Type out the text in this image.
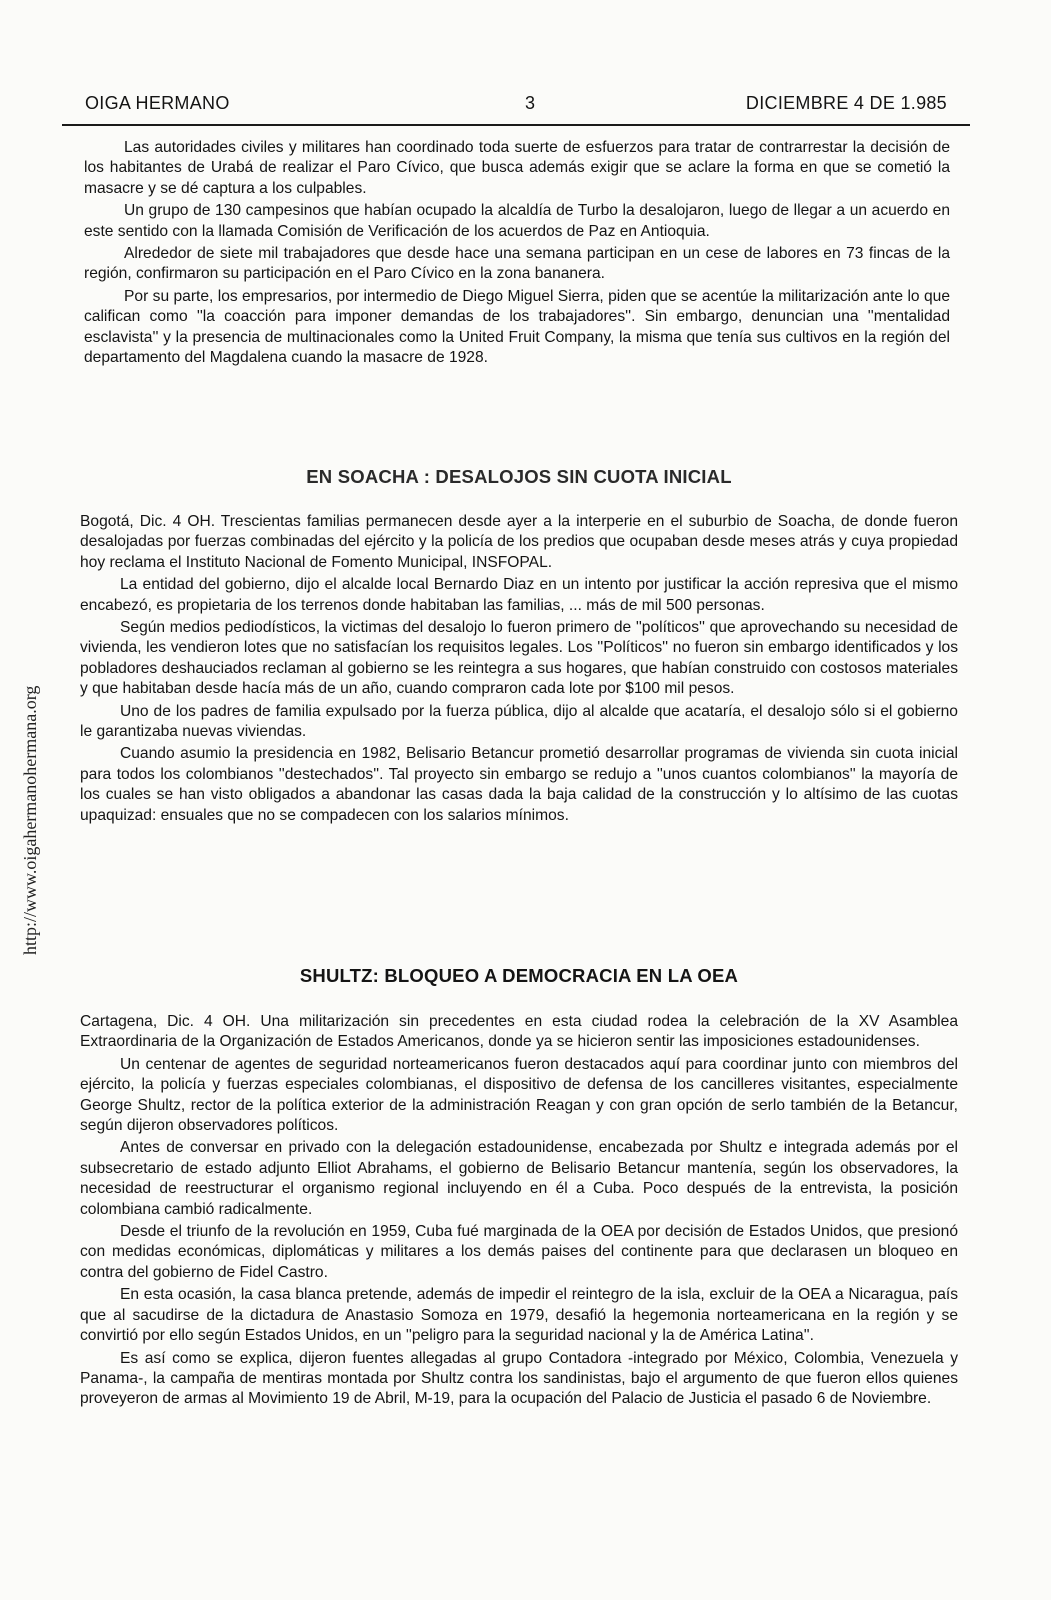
OIGA HERMANO	3	DICIEMBRE 4 DE 1.985
http://www.oigahermanohermana.org

Las autoridades civiles y militares han coordinado toda suerte de esfuerzos para tratar de contrarrestar la decisión de los habitantes de Urabá de realizar el Paro Cívico, que busca además exigir que se aclare la forma en que se cometió la masacre y se dé captura a los culpables.

Un grupo de 130 campesinos que habían ocupado la alcaldía de Turbo la desalojaron, luego de llegar a un acuerdo en este sentido con la llamada Comisión de Verificación de los acuerdos de Paz en Antioquia.

Alrededor de siete mil trabajadores que desde hace una semana participan en un cese de labores en 73 fincas de la región, confirmaron su participación en el Paro Cívico en la zona bananera.

Por su parte, los empresarios, por intermedio de Diego Miguel Sierra, piden que se acentúe la militarización ante lo que califican como ''la coacción para imponer demandas de los trabajadores''. Sin embargo, denuncian una ''mentalidad esclavista'' y la presencia de multinacionales como la United Fruit Company, la misma que tenía sus cultivos en la región del departamento del Magdalena cuando la masacre de 1928.

EN SOACHA : DESALOJOS SIN CUOTA INICIAL

Bogotá, Dic. 4 OH. Trescientas familias permanecen desde ayer a la interperie en el suburbio de Soacha, de donde fueron desalojadas por fuerzas combinadas del ejército y la policía de los predios que ocupaban desde meses atrás y cuya propiedad hoy reclama el Instituto Nacional de Fomento Municipal, INSFOPAL.

La entidad del gobierno, dijo el alcalde local Bernardo Diaz en un intento por justificar la acción represiva que el mismo encabezó, es propietaria de los terrenos donde habitaban las familias, ... más de mil 500 personas.

Según medios pediodísticos, la victimas del desalojo lo fueron primero de ''políticos'' que aprovechando su necesidad de vivienda, les vendieron lotes que no satisfacían los requisitos legales. Los ''Políticos'' no fueron sin embargo identificados y los pobladores deshauciados reclaman al gobierno se les reintegra a sus hogares, que habían construido con costosos materiales y que habitaban desde hacía más de un año, cuando compraron cada lote por $100 mil pesos.

Uno de los padres de familia expulsado por la fuerza pública, dijo al alcalde que acataría, el desalojo sólo si el gobierno le garantizaba nuevas viviendas.

Cuando asumio la presidencia en 1982, Belisario Betancur prometió desarrollar programas de vivienda sin cuota inicial para todos los colombianos ''destechados''. Tal proyecto sin embargo se redujo a ''unos cuantos colombianos'' la mayoría de los cuales se han visto obligados a abandonar las casas dada la baja calidad de la construcción y lo altísimo de las cuotas upaquizad: ensuales que no se compadecen con los salarios mínimos.

SHULTZ: BLOQUEO A DEMOCRACIA EN LA OEA

Cartagena, Dic. 4 OH. Una militarización sin precedentes en esta ciudad rodea la celebración de la XV Asamblea Extraordinaria de la Organización de Estados Americanos, donde ya se hicieron sentir las imposiciones estadounidenses.

Un centenar de agentes de seguridad norteamericanos fueron destacados aquí para coordinar junto con miembros del ejército, la policía y fuerzas especiales colombianas, el dispositivo de defensa de los cancilleres visitantes, especialmente George Shultz, rector de la política exterior de la administración Reagan y con gran opción de serlo también de la Betancur, según dijeron observadores políticos.

Antes de conversar en privado con la delegación estadounidense, encabezada por Shultz e integrada además por el subsecretario de estado adjunto Elliot Abrahams, el gobierno de Belisario Betancur mantenía, según los observadores, la necesidad de reestructurar el organismo regional incluyendo en él a Cuba. Poco después de la entrevista, la posición colombiana cambió radicalmente.

Desde el triunfo de la revolución en 1959, Cuba fué marginada de la OEA por decisión de Estados Unidos, que presionó con medidas económicas, diplomáticas y militares a los demás paises del continente para que declarasen un bloqueo en contra del gobierno de Fidel Castro.

En esta ocasión, la casa blanca pretende, además de impedir el reintegro de la isla, excluir de la OEA a Nicaragua, país que al sacudirse de la dictadura de Anastasio Somoza en 1979, desafió la hegemonia norteamericana en la región y se convirtió por ello según Estados Unidos, en un ''peligro para la seguridad nacional y la de América Latina''.

Es así como se explica, dijeron fuentes allegadas al grupo Contadora -integrado por México, Colombia, Venezuela y Panama-, la campaña de mentiras montada por Shultz contra los sandinistas, bajo el argumento de que fueron ellos quienes proveyeron de armas al Movimiento 19 de Abril, M-19, para la ocupación del Palacio de Justicia el pasado 6 de Noviembre.
